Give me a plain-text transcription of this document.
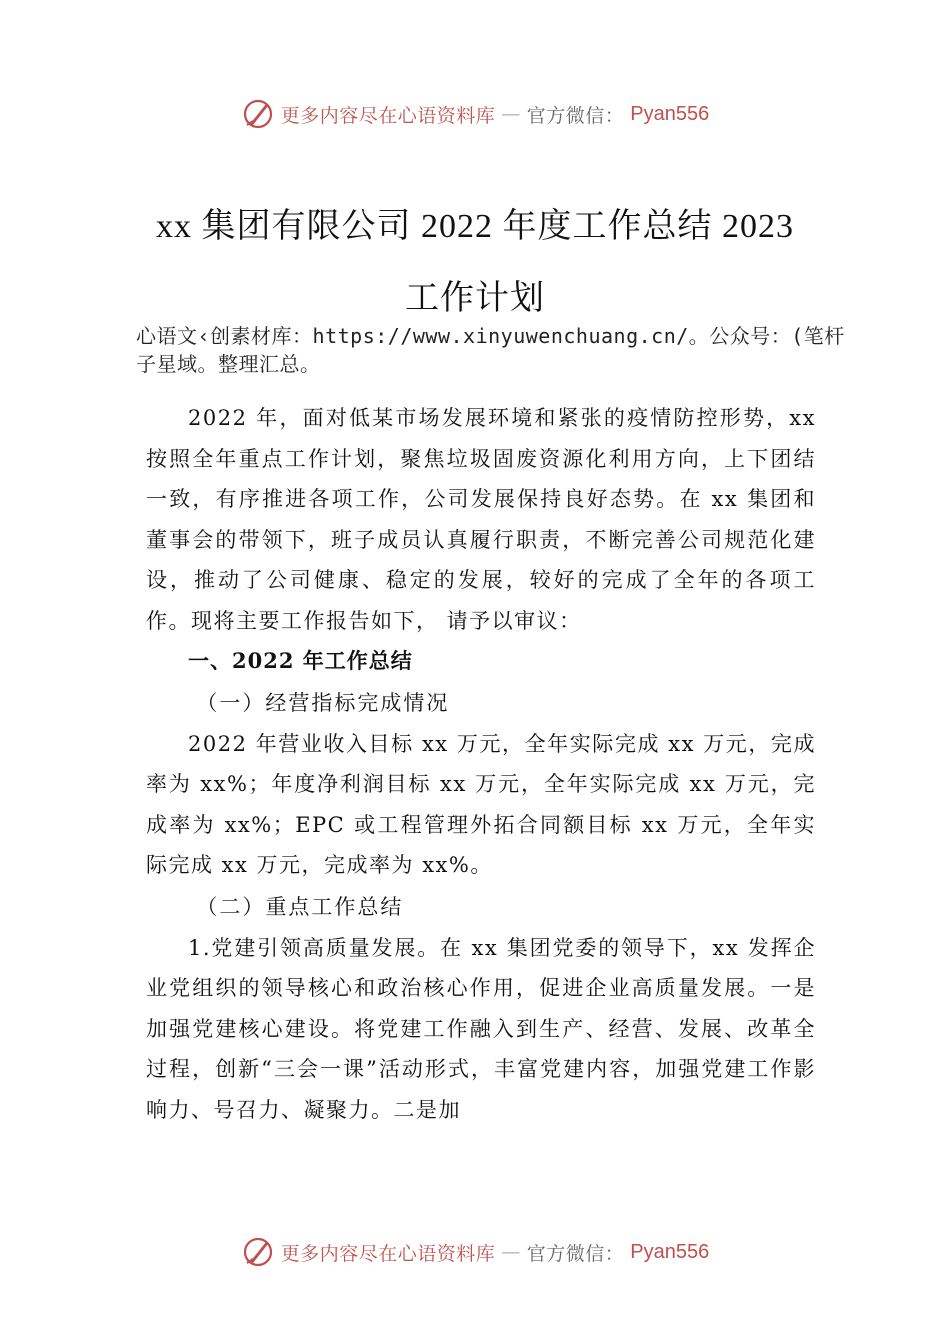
更多内容尽在心语资料库 — 官方微信： Pyan556
xx 集团有限公司 2022 年度工作总结 2023
工作计划
心语文‹创素材库：https://www.xinyuwenchuang.cn/。公众号：(笔杆子星域。整理汇总。

2022 年，面对低某市场发展环境和紧张的疫情防控形势，xx 按照全年重点工作计划，聚焦垃圾固废资源化利用方向，上下团结一致，有序推进各项工作，公司发展保持良好态势。在 xx 集团和董事会的带领下，班子成员认真履行职责，不断完善公司规范化建设，推动了公司健康、稳定的发展，较好的完成了全年的各项工作。现将主要工作报告如下， 请予以审议：

一、2022 年工作总结

（一）经营指标完成情况

2022 年营业收入目标 xx 万元，全年实际完成 xx 万元，完成率为 xx%；年度净利润目标 xx 万元，全年实际完成 xx 万元，完成率为 xx%；EPC 或工程管理外拓合同额目标 xx 万元，全年实际完成 xx 万元，完成率为 xx%。

（二）重点工作总结

1.党建引领高质量发展。在 xx 集团党委的领导下，xx 发挥企业党组织的领导核心和政治核心作用，促进企业高质量发展。一是加强党建核心建设。将党建工作融入到生产、经营、发展、改革全过程，创新“三会一课”活动形式，丰富党建内容，加强党建工作影响力、号召力、凝聚力。二是加

更多内容尽在心语资料库 — 官方微信： Pyan556
